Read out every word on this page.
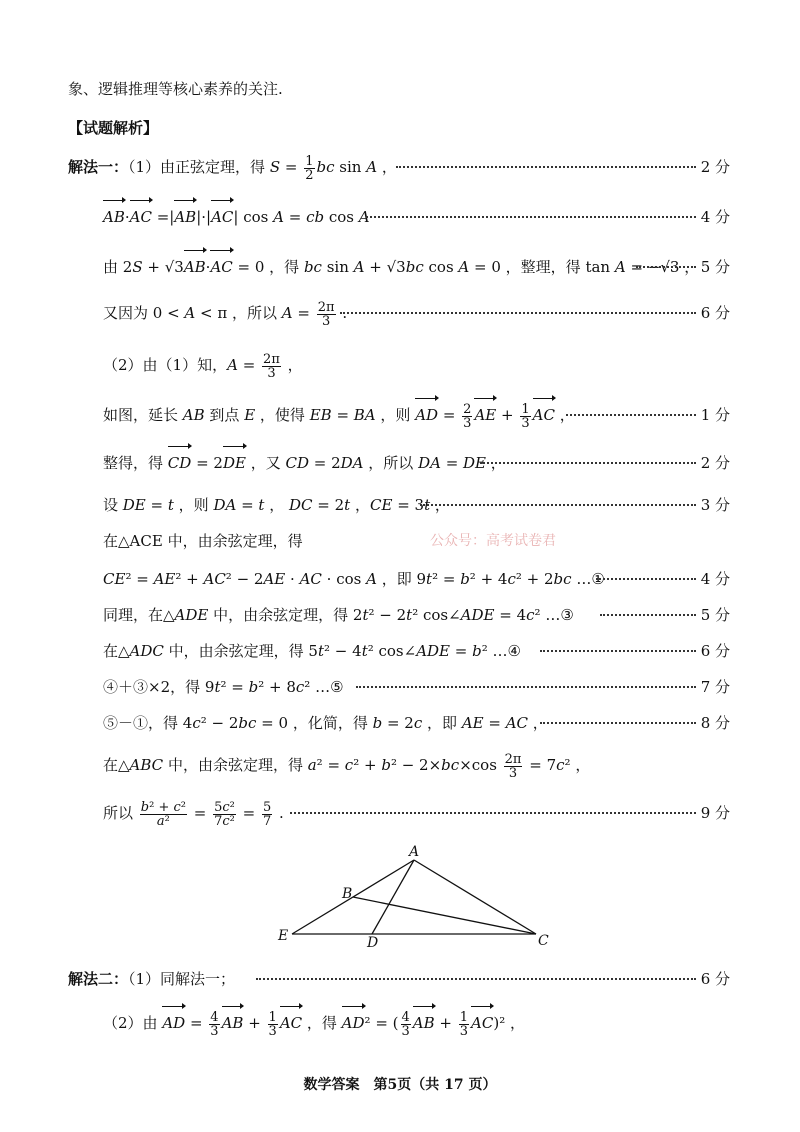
象、逻辑推理等核心素养的关注.
【试题解析】
解法一：（1）由正弦定理，得 $S = \frac{1}{2}$ bc sin A ，	2 分
AB·AC =|AB|·|AC| cos A = cb cos A	4 分
由 2S + √3AB·AC = 0 ，得 bc sin A + √3bc cos A = 0 ，整理，得 tan A = −√3 ， 5 分
又因为 0 < A < π ，所以 $A = \frac{2\pi}{3}$ .	6 分
（2）由（1）知，$A = \frac{2\pi}{3}$ ，
如图，延长 AB 到点 E ，使得 EB = BA ，则 AD = $\frac{2}{3}$ AE + $\frac{1}{3}$ AC ，	1 分
整得，得 CD = 2DE ，又 CD = 2DA ，所以 DA = DE ，	2 分
设 DE = t ，则 DA = t ， DC = 2t ，CE = 3t ，	3 分
在△ACE 中，由余弦定理，得	公众号：高考试卷君
CE² = AE² + AC² − 2AE · AC · cos A ，即 9t² = b² + 4c² + 2bc …①	4 分
同理，在△ADE 中，由余弦定理，得 2t² − 2t² cos∠ADE = 4c² …③	5 分
在△ADC 中，由余弦定理，得 5t² − 4t² cos∠ADE = b² …④	6 分
④＋③×2，得 9t² = b² + 8c² …⑤	7 分
⑤－①，得 4c² − 2bc = 0 ，化简，得 b = 2c ，即 AE = AC ，	8 分
在△ABC 中，由余弦定理，得 $a^2 = c^2 + b^2 - 2\times bc\times\cos \frac{2\pi}{3} = 7c^2$ ，
所以 $\frac{\text{b² + c²}}{\text{a²}} = \frac{\text{5c²}}{\text{7c²}} = \frac{5}{7}$ .	9 分
A
B
C
D
E
解法二：（1）同解法一；	6 分
（2）由 AD = $\frac{4}{3}$ AB + $\frac{1}{3}$ AC ，得 AD² = ( $\frac{4}{3}$ AB + $\frac{1}{3} AC)^2$ ，
数学答案　第5页（共 17 页）
